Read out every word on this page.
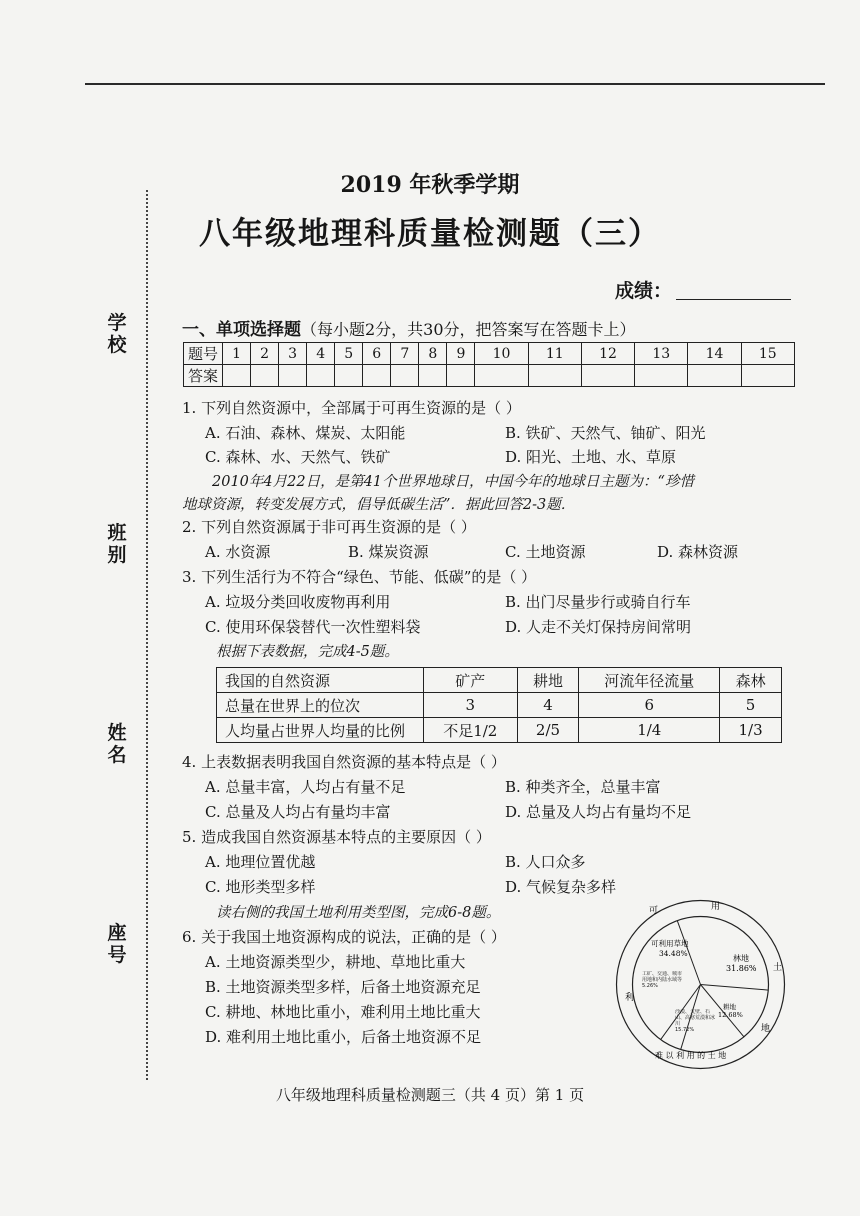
学
校
班
别
姓
名
座
号
2019 年秋季学期
八年级地理科质量检测题（三）
成绩：
一、单项选择题（每小题2分，共30分，把答案写在答题卡上）
题号	1	2	3	4	5	6	7	8	9	10	11	12	13	14	15
答案															
1. 下列自然资源中，全部属于可再生资源的是（ ）
A. 石油、森林、煤炭、太阳能	B. 铁矿、天然气、铀矿、阳光
C. 森林、水、天然气、铁矿	D. 阳光、土地、水、草原
2010年4月22日，是第41个世界地球日，中国今年的地球日主题为：“珍惜
地球资源，转变发展方式，倡导低碳生活”．据此回答2-3题．
2. 下列自然资源属于非可再生资源的是（ ）
A. 水资源	B. 煤炭资源	C. 土地资源	D. 森林资源
3. 下列生活行为不符合“绿色、节能、低碳”的是（ ）
A. 垃圾分类回收废物再利用	B. 出门尽量步行或骑自行车
C. 使用环保袋替代一次性塑料袋	D. 人走不关灯保持房间常明
根据下表数据，完成4-5题。
我国的自然资源	矿产	耕地	河流年径流量	森林
总量在世界上的位次	3	4	6	5
人均量占世界人均量的比例	不足1/2	2/5	1/4	1/3
4. 上表数据表明我国自然资源的基本特点是（ ）
A. 总量丰富，人均占有量不足	B. 种类齐全，总量丰富
C. 总量及人均占有量均丰富	D. 总量及人均占有量均不足
5. 造成我国自然资源基本特点的主要原因（ ）
A. 地理位置优越	B. 人口众多
C. 地形类型多样	D. 气候复杂多样
读右侧的我国土地利用类型图，完成6-8题。
6. 关于我国土地资源构成的说法，正确的是（ ）
A. 土地资源类型少，耕地、草地比重大
B. 土地资源类型多样，后备土地资源充足
C. 耕地、林地比重小，难利用土地比重大
D. 难利用土地比重小，后备土地资源不足
可
利
用
土
地
难 以 利 用 的 土 地
可利用草地
34.48%
林地
31.86%
耕地
12.68%
沙漠、戈壁、石山、高寒荒漠和冰川
15.72%
工矿、交通、城市用地和内陆水域等
5.26%
八年级地理科质量检测题三（共 4 页）第 1 页
